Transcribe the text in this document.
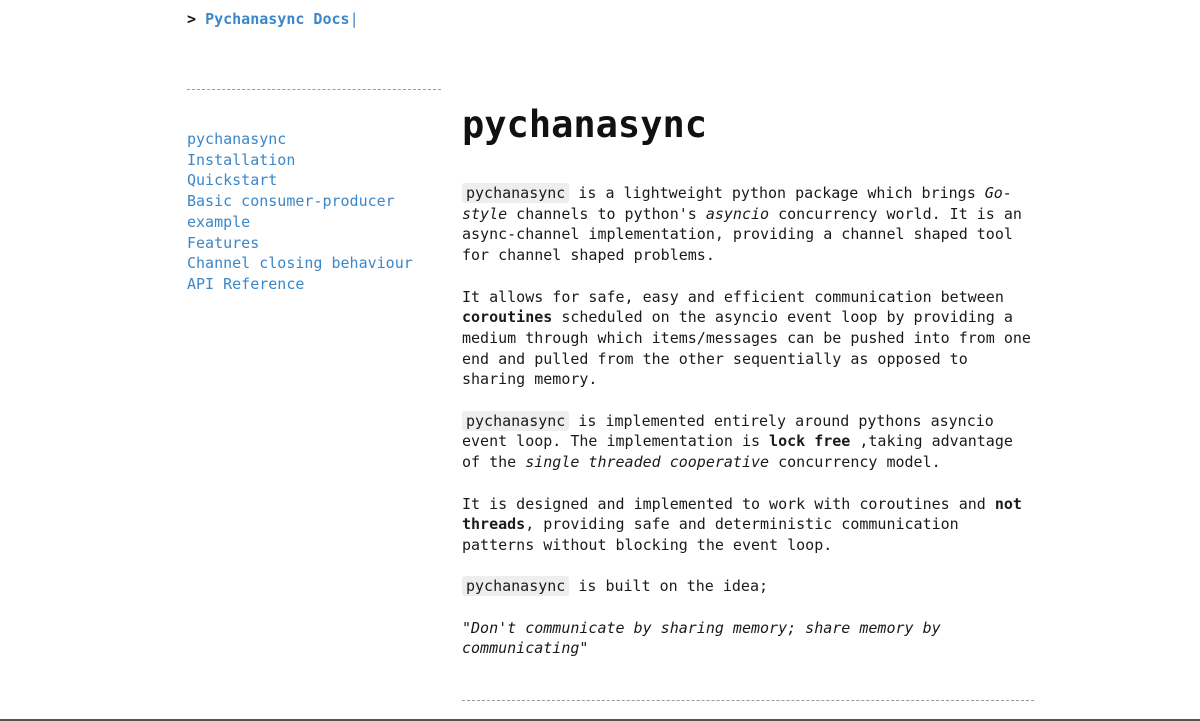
> Pychanasync Docs|
pychanasync
Installation
Quickstart
Basic consumer-producer
example
Features
Channel closing behaviour
API Reference
pychanasync

pychanasync is a lightweight python package which brings Go-style channels to python's asyncio concurrency world. It is an async-channel implementation, providing a channel shaped tool for channel shaped problems.

It allows for safe, easy and efficient communication between coroutines scheduled on the asyncio event loop by providing a medium through which items/messages can be pushed into from one end and pulled from the other sequentially as opposed to sharing memory.

pychanasync is implemented entirely around pythons asyncio event loop. The implementation is lock free ,taking advantage of the single threaded cooperative concurrency model.

It is designed and implemented to work with coroutines and not threads, providing safe and deterministic communication patterns without blocking the event loop.

pychanasync is built on the idea;

"Don't communicate by sharing memory; share memory by communicating"
